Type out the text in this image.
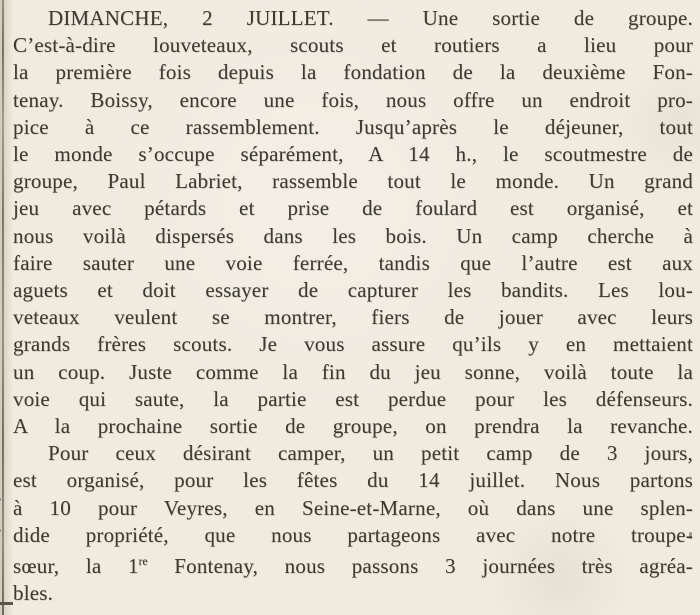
DIMANCHE, 2 JUILLET. — Une sortie de groupe.
C’est-à-dire louveteaux, scouts et routiers a lieu pour
la première fois depuis la fondation de la deuxième Fon-
tenay. Boissy, encore une fois, nous offre un endroit pro-
pice à ce rassemblement. Jusqu’après le déjeuner, tout
le monde s’occupe séparément, A 14 h., le scoutmestre de
groupe, Paul Labriet, rassemble tout le monde. Un grand
jeu avec pétards et prise de foulard est organisé, et
nous voilà dispersés dans les bois. Un camp cherche à
faire sauter une voie ferrée, tandis que l’autre est aux
aguets et doit essayer de capturer les bandits. Les lou-
veteaux veulent se montrer, fiers de jouer avec leurs
grands frères scouts. Je vous assure qu’ils y en mettaient
un coup. Juste comme la fin du jeu sonne, voilà toute la
voie qui saute, la partie est perdue pour les défenseurs.
A la prochaine sortie de groupe, on prendra la revanche.
Pour ceux désirant camper, un petit camp de 3 jours,
est organisé, pour les fêtes du 14 juillet. Nous partons
à 10 pour Veyres, en Seine-et-Marne, où dans une splen-
dide propriété, que nous partageons avec notre troupe-
sœur, la 1re Fontenay, nous passons 3 journées très agréa-
bles.
